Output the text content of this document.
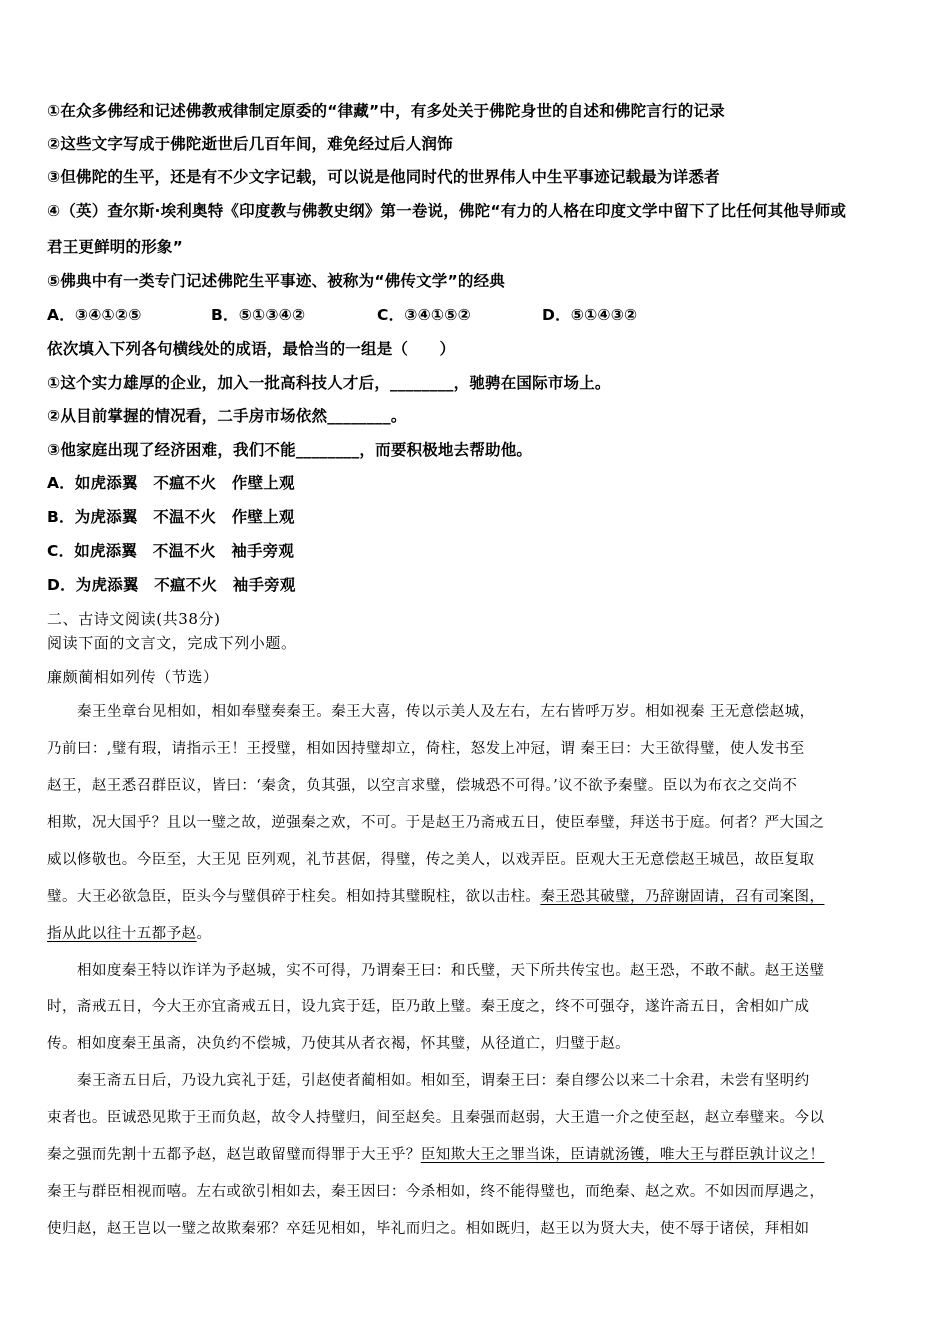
①在众多佛经和记述佛教戒律制定原委的“律藏”中，有多处关于佛陀身世的自述和佛陀言行的记录
②这些文字写成于佛陀逝世后几百年间，难免经过后人润饰
③但佛陀的生平，还是有不少文字记载，可以说是他同时代的世界伟人中生平事迹记载最为详悉者
④（英）查尔斯·埃利奥特《印度教与佛教史纲》第一卷说，佛陀“有力的人格在印度文学中留下了比任何其他导师或
君王更鲜明的形象”
⑤佛典中有一类专门记述佛陀生平事迹、被称为“佛传文学”的经典
A．③④①②⑤	B．⑤①③④②	C．③④①⑤②	D．⑤①④③②
依次填入下列各句横线处的成语，最恰当的一组是（　　）
①这个实力雄厚的企业，加入一批高科技人才后，________，驰骋在国际市场上。
②从目前掌握的情况看，二手房市场依然________。
③他家庭出现了经济困难，我们不能________，而要积极地去帮助他。
A．如虎添翼　不瘟不火　作壁上观
B．为虎添翼　不温不火　作壁上观
C．如虎添翼　不温不火　袖手旁观
D．为虎添翼　不瘟不火　袖手旁观
二、古诗文阅读(共38分)
阅读下面的文言文，完成下列小题。
廉颇蔺相如列传（节选）
秦王坐章台见相如，相如奉璧奏秦王。秦王大喜，传以示美人及左右，左右皆呼万岁。相如视秦 王无意偿赵城，
乃前曰：,璧有瑕，请指示王！王授璧，相如因持璧却立，倚柱，怒发上冲冠，谓 秦王曰：大王欲得璧，使人发书至
赵王，赵王悉召群臣议，皆曰：‘秦贪，负其强，以空言求璧，偿城恐不可得。’议不欲予秦璧。臣以为布衣之交尚不
相欺，况大国乎？且以一璧之故，逆强秦之欢，不可。于是赵王乃斋戒五日，使臣奉璧，拜送书于庭。何者？严大国之
威以修敬也。今臣至，大王见 臣列观，礼节甚倨，得璧，传之美人，以戏弄臣。臣观大王无意偿赵王城邑，故臣复取
璧。大王必欲急臣，臣头今与璧俱碎于柱矣。相如持其璧睨柱，欲以击柱。秦王恐其破璧，乃辞谢固请，召有司案图，
指从此以往十五都予赵。
相如度秦王特以诈详为予赵城，实不可得，乃谓秦王曰：和氏璧，天下所共传宝也。赵王恐，不敢不献。赵王送璧
时，斋戒五日，今大王亦宜斋戒五日，设九宾于廷，臣乃敢上璧。秦王度之，终不可强夺，遂许斋五日，舍相如广成
传。相如度秦王虽斋，决负约不偿城，乃使其从者衣褐，怀其璧，从径道亡，归璧于赵。
秦王斋五日后，乃设九宾礼于廷，引赵使者蔺相如。相如至，谓秦王曰：秦自缪公以来二十余君，未尝有坚明约
束者也。臣诚恐见欺于王而负赵，故令人持璧归，间至赵矣。且秦强而赵弱，大王遣一介之使至赵，赵立奉璧来。今以
秦之强而先割十五都予赵，赵岂敢留璧而得罪于大王乎？臣知欺大王之罪当诛，臣请就汤镬，唯大王与群臣孰计议之！
秦王与群臣相视而嘻。左右或欲引相如去，秦王因曰：今杀相如，终不能得璧也，而绝秦、赵之欢。不如因而厚遇之，
使归赵，赵王岂以一璧之故欺秦邪？卒廷见相如，毕礼而归之。相如既归，赵王以为贤大夫，使不辱于诸侯，拜相如
